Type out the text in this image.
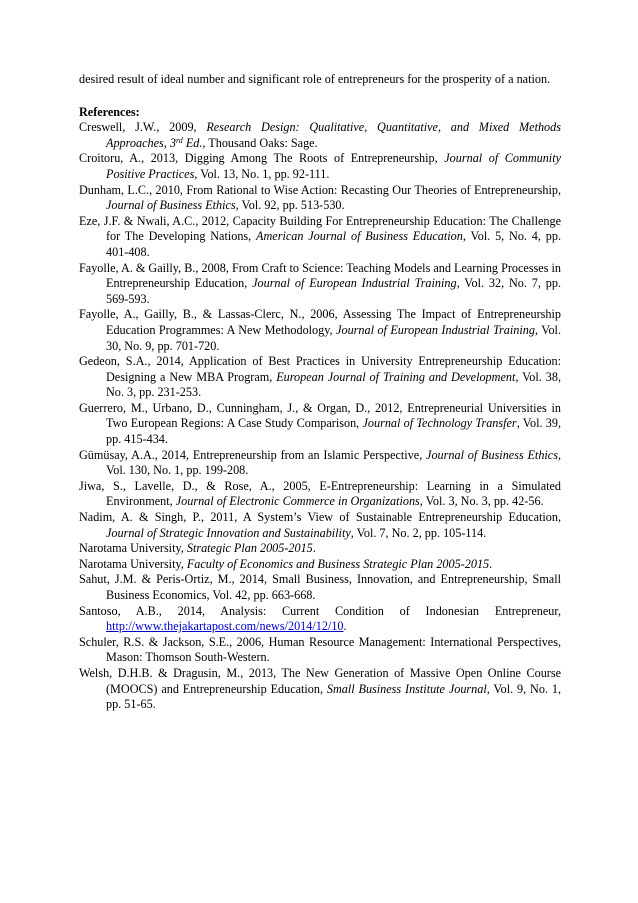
desired result of ideal number and significant role of entrepreneurs for the prosperity of a nation.

References:

Creswell, J.W., 2009, Research Design: Qualitative, Quantitative, and Mixed Methods Approaches, 3rd Ed., Thousand Oaks: Sage.

Croitoru, A., 2013, Digging Among The Roots of Entrepreneurship, Journal of Community Positive Practices, Vol. 13, No. 1, pp. 92-111.

Dunham, L.C., 2010, From Rational to Wise Action: Recasting Our Theories of Entrepreneurship, Journal of Business Ethics, Vol. 92, pp. 513-530.

Eze, J.F. & Nwali, A.C., 2012, Capacity Building For Entrepreneurship Education: The Challenge for The Developing Nations, American Journal of Business Education, Vol. 5, No. 4, pp. 401-408.

Fayolle, A. & Gailly, B., 2008, From Craft to Science: Teaching Models and Learning Processes in Entrepreneurship Education, Journal of European Industrial Training, Vol. 32, No. 7, pp. 569-593.

Fayolle, A., Gailly, B., & Lassas-Clerc, N., 2006, Assessing The Impact of Entrepreneurship Education Programmes: A New Methodology, Journal of European Industrial Training, Vol. 30, No. 9, pp. 701-720.

Gedeon, S.A., 2014, Application of Best Practices in University Entrepreneurship Education: Designing a New MBA Program, European Journal of Training and Development, Vol. 38, No. 3, pp. 231-253.

Guerrero, M., Urbano, D., Cunningham, J., & Organ, D., 2012, Entrepreneurial Universities in Two European Regions: A Case Study Comparison, Journal of Technology Transfer, Vol. 39, pp. 415-434.

Gümüsay, A.A., 2014, Entrepreneurship from an Islamic Perspective, Journal of Business Ethics, Vol. 130, No. 1, pp. 199-208.

Jiwa, S., Lavelle, D., & Rose, A., 2005, E-Entrepreneurship: Learning in a Simulated Environment, Journal of Electronic Commerce in Organizations, Vol. 3, No. 3, pp. 42-56.

Nadim, A. & Singh, P., 2011, A System’s View of Sustainable Entrepreneurship Education, Journal of Strategic Innovation and Sustainability, Vol. 7, No. 2, pp. 105-114.

Narotama University, Strategic Plan 2005-2015.

Narotama University, Faculty of Economics and Business Strategic Plan 2005-2015.

Sahut, J.M. & Peris-Ortiz, M., 2014, Small Business, Innovation, and Entrepreneurship, Small Business Economics, Vol. 42, pp. 663-668.

Santoso, A.B., 2014, Analysis: Current Condition of Indonesian Entrepreneur, http://www.thejakartapost.com/news/2014/12/10.

Schuler, R.S. & Jackson, S.E., 2006, Human Resource Management: International Perspectives, Mason: Thomson South-Western.

Welsh, D.H.B. & Dragusin, M., 2013, The New Generation of Massive Open Online Course (MOOCS) and Entrepreneurship Education, Small Business Institute Journal, Vol. 9, No. 1, pp. 51-65.
